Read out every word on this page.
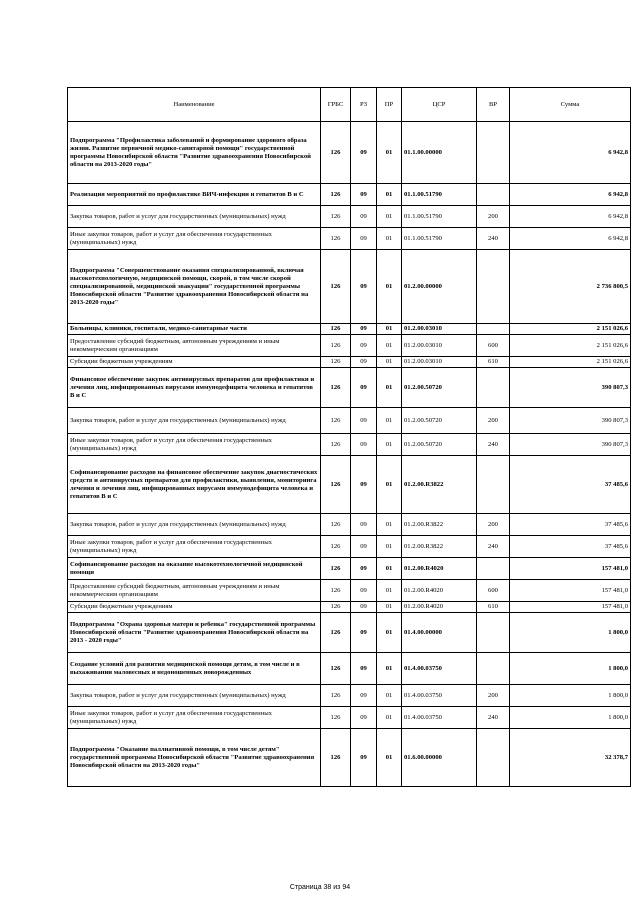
Наименование	ГРБС	РЗ	ПР	ЦСР	ВР	Сумма
Подпрограмма "Профилактика заболеваний и формирование здорового образа жизни. Развитие первичной медико-санитарной помощи" государственной программы Новосибирской области "Развитие здравоохранения Новосибирской области на 2013-2020 годы"	126	09	01	01.1.00.00000		6 942,8
Реализация мероприятий по профилактике ВИЧ-инфекции и гепатитов В и С	126	09	01	01.1.00.51790		6 942,8
Закупка товаров, работ и услуг для государственных (муниципальных) нужд	126	09	01	01.1.00.51790	200	6 942,8
Иные закупки товаров, работ и услуг для обеспечения государственных (муниципальных) нужд	126	09	01	01.1.00.51790	240	6 942,8
Подпрограмма "Совершенствование оказания специализированной, включая высокотехнологичную, медицинской помощи, скорой, в том числе скорой специализированной, медицинской эвакуации" государственной программы Новосибирской области "Развитие здравоохранения Новосибирской области на 2013-2020 годы"	126	09	01	01.2.00.00000		2 736 800,5
Больницы, клиники, госпитали, медико-санитарные части	126	09	01	01.2.00.03010		2 151 026,6
Предоставление субсидий бюджетным, автономным учреждениям и иным некоммерческим организациям	126	09	01	01.2.00.03010	600	2 151 026,6
Субсидии бюджетным учреждениям	126	09	01	01.2.00.03010	610	2 151 026,6
Финансовое обеспечение закупок антивирусных препаратов для профилактики и лечения лиц, инфицированных вирусами иммунодефицита человека и гепатитов В и С	126	09	01	01.2.00.50720		390 807,3
Закупка товаров, работ и услуг для государственных (муниципальных) нужд	126	09	01	01.2.00.50720	200	390 807,3
Иные закупки товаров, работ и услуг для обеспечения государственных (муниципальных) нужд	126	09	01	01.2.00.50720	240	390 807,3
Софинансирование расходов на финансовое обеспечение закупок диагностических средств и антивирусных препаратов для профилактики, выявления, мониторинга лечения и лечения лиц, инфицированных вирусами иммунодефицита человека и гепатитов В и С	126	09	01	01.2.00.R3822		37 485,6
Закупка товаров, работ и услуг для государственных (муниципальных) нужд	126	09	01	01.2.00.R3822	200	37 485,6
Иные закупки товаров, работ и услуг для обеспечения государственных (муниципальных) нужд	126	09	01	01.2.00.R3822	240	37 485,6
Софинансирование расходов на оказание высокотехнологичной медицинской помощи	126	09	01	01.2.00.R4020		157 481,0
Предоставление субсидий бюджетным, автономным учреждениям и иным некоммерческим организациям	126	09	01	01.2.00.R4020	600	157 481,0
Субсидии бюджетным учреждениям	126	09	01	01.2.00.R4020	610	157 481,0
Подпрограмма "Охрана здоровья матери и ребенка" государственной программы Новосибирской области "Развитие здравоохранения Новосибирской области на 2013 - 2020 годы"	126	09	01	01.4.00.00000		1 800,0
Создание условий для развития медицинской помощи детям, в том числе и в выхаживании маловесных и недоношенных новорожденных	126	09	01	01.4.00.03750		1 800,0
Закупка товаров, работ и услуг для государственных (муниципальных) нужд	126	09	01	01.4.00.03750	200	1 800,0
Иные закупки товаров, работ и услуг для обеспечения государственных (муниципальных) нужд	126	09	01	01.4.00.03750	240	1 800,0
Подпрограмма "Оказание паллиативной помощи, в том числе детям" государственной программы Новосибирской области "Развитие здравоохранения Новосибирской области на 2013-2020 годы"	126	09	01	01.6.00.00000		32 378,7
Страница 38 из 94
